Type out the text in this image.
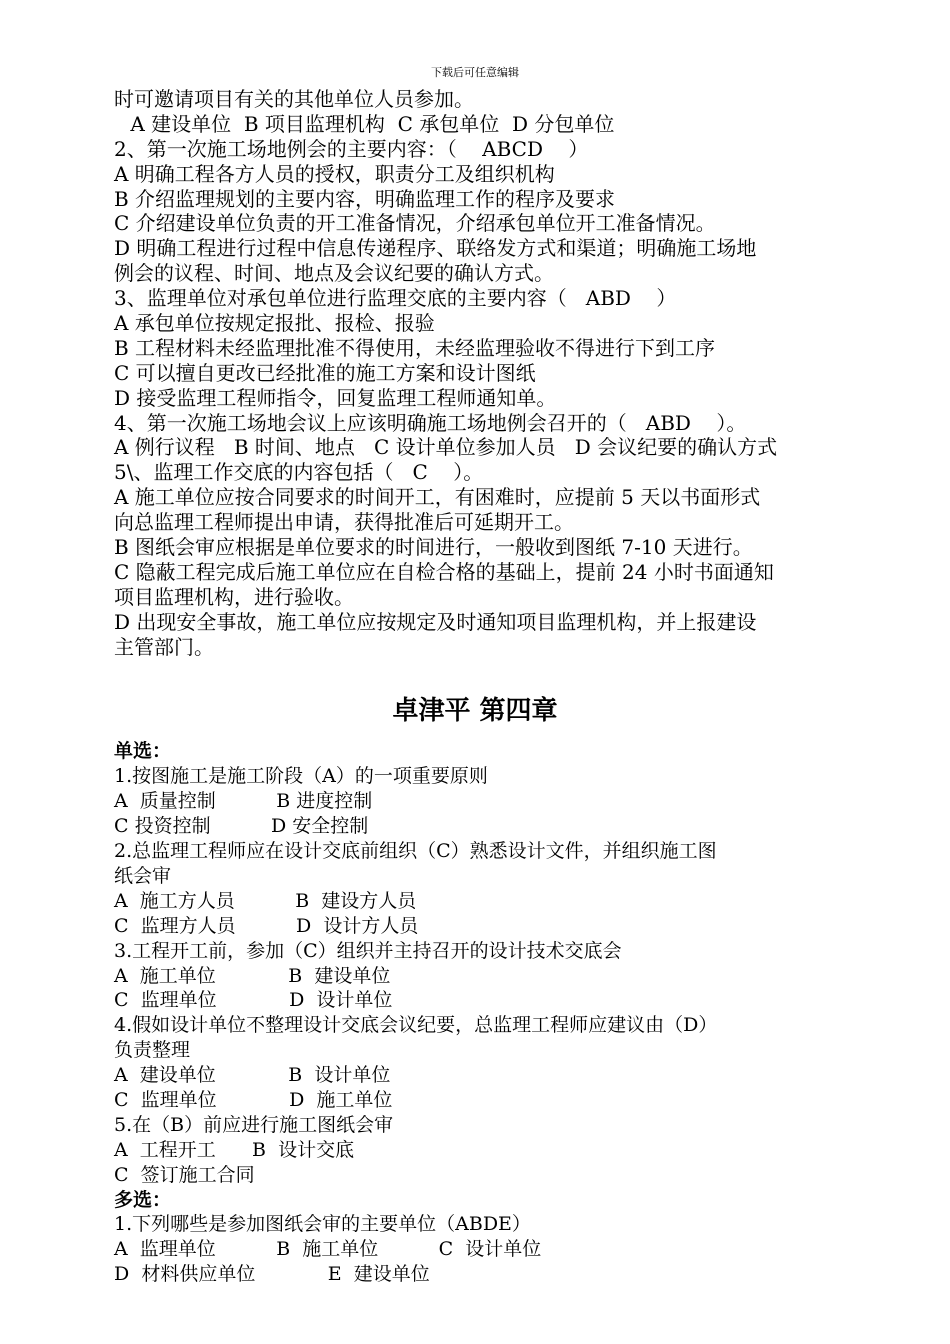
下载后可任意编辑
时可邀请项目有关的其他单位人员参加。
A 建设单位  B 项目监理机构  C 承包单位  D 分包单位
2、第一次施工场地例会的主要内容：（    ABCD    ）
A 明确工程各方人员的授权，职责分工及组织机构
B 介绍监理规划的主要内容，明确监理工作的程序及要求
C 介绍建设单位负责的开工准备情况，介绍承包单位开工准备情况。
D 明确工程进行过程中信息传递程序、联络发方式和渠道；明确施工场地
例会的议程、时间、地点及会议纪要的确认方式。
3、监理单位对承包单位进行监理交底的主要内容（   ABD    ）
A 承包单位按规定报批、报检、报验
B 工程材料未经监理批准不得使用，未经监理验收不得进行下到工序
C 可以擅自更改已经批准的施工方案和设计图纸
D 接受监理工程师指令，回复监理工程师通知单。
4、第一次施工场地会议上应该明确施工场地例会召开的（   ABD    ）。
A 例行议程   B 时间、地点   C 设计单位参加人员   D 会议纪要的确认方式
5\、监理工作交底的内容包括（   C    ）。
A 施工单位应按合同要求的时间开工，有困难时，应提前 5 天以书面形式
向总监理工程师提出申请，获得批准后可延期开工。
B 图纸会审应根据是单位要求的时间进行，一般收到图纸 7-10 天进行。
C 隐蔽工程完成后施工单位应在自检合格的基础上，提前 24 小时书面通知
项目监理机构，进行验收。
D 出现安全事故，施工单位应按规定及时通知项目监理机构，并上报建设
主管部门。
卓津平 第四章
单选：
1.按图施工是施工阶段（A）的一项重要原则
A  质量控制          B 进度控制
C 投资控制          D 安全控制
2.总监理工程师应在设计交底前组织（C）熟悉设计文件，并组织施工图
纸会审
A  施工方人员          B  建设方人员
C  监理方人员          D  设计方人员
3.工程开工前，参加（C）组织并主持召开的设计技术交底会
A  施工单位            B  建设单位
C  监理单位            D  设计单位
4.假如设计单位不整理设计交底会议纪要，总监理工程师应建议由（D）
负责整理
A  建设单位            B  设计单位
C  监理单位            D  施工单位
5.在（B）前应进行施工图纸会审
A  工程开工      B  设计交底
C  签订施工合同
多选：
1.下列哪些是参加图纸会审的主要单位（ABDE）
A  监理单位          B  施工单位          C  设计单位
D  材料供应单位            E  建设单位
